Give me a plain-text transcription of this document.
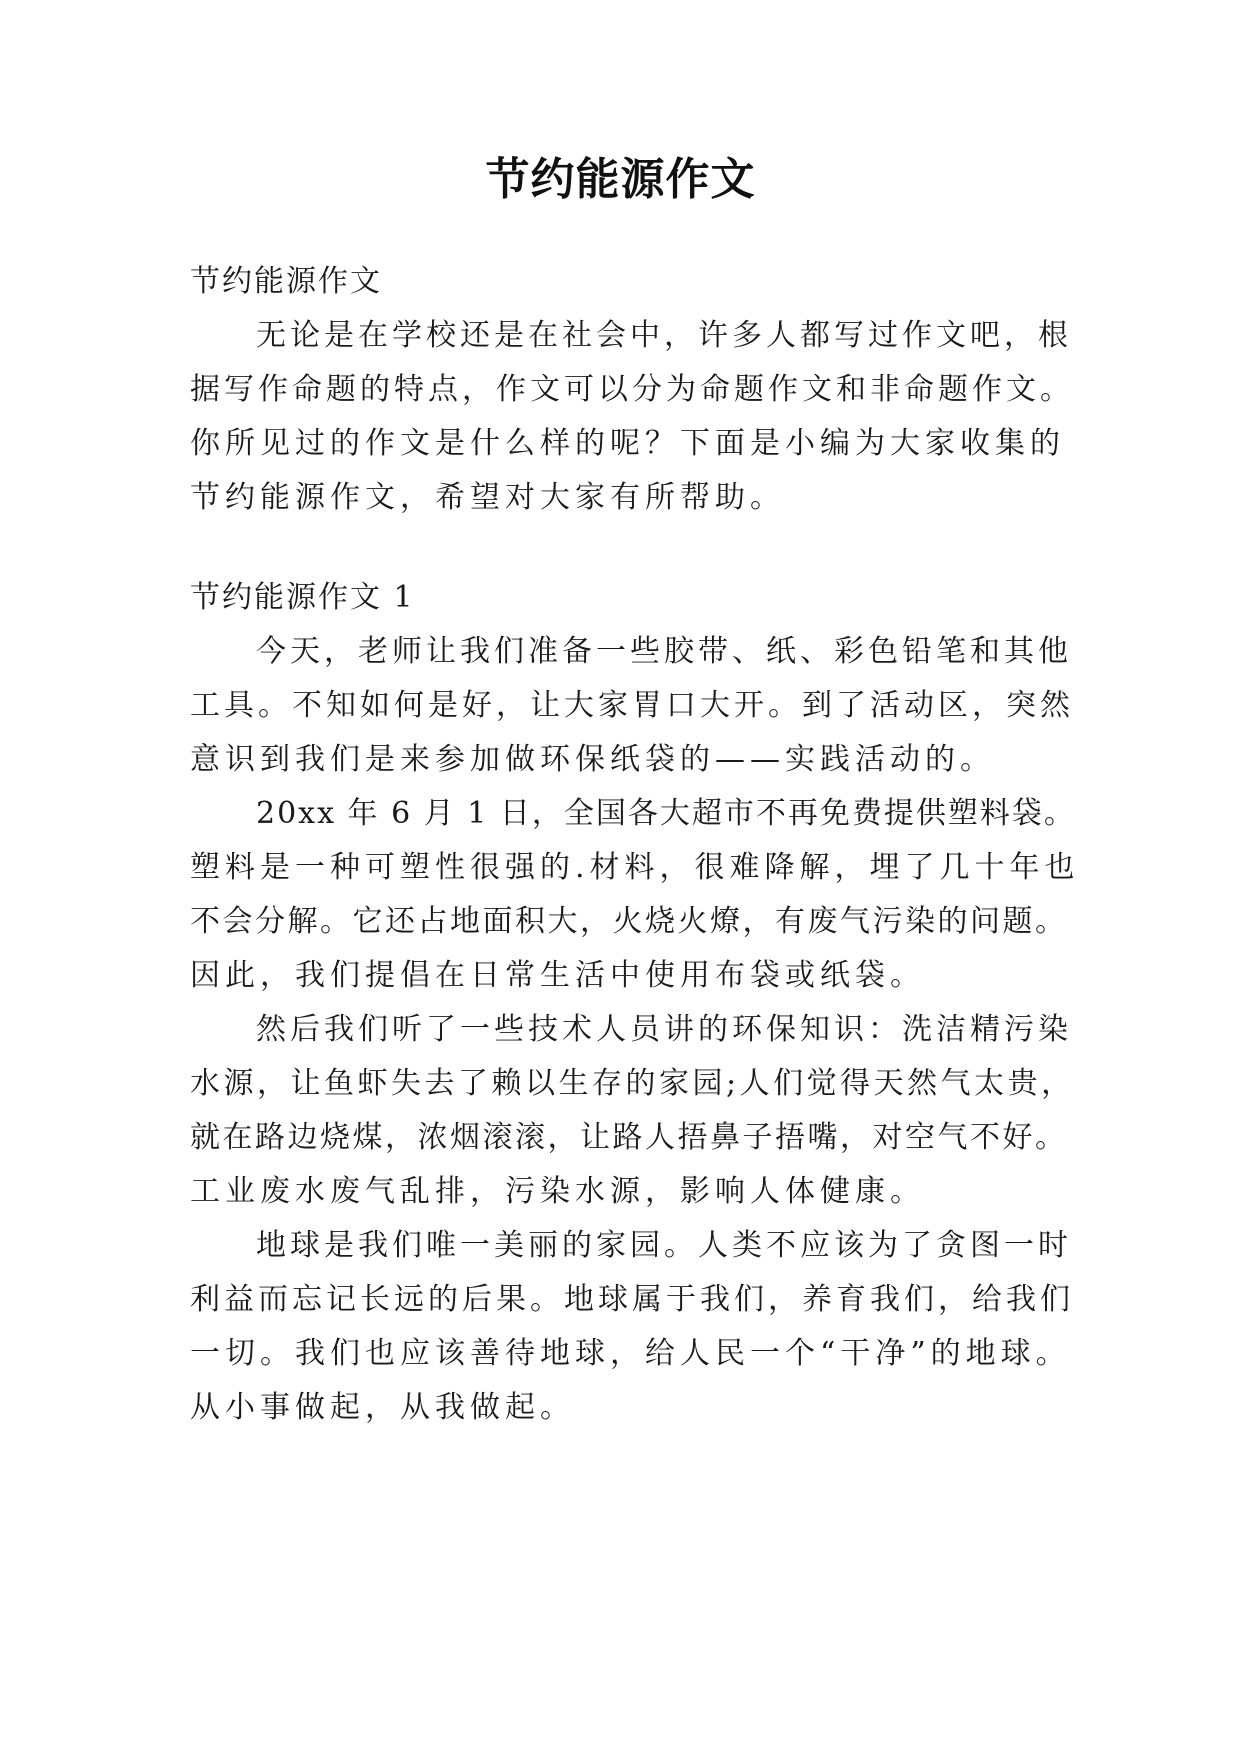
节约能源作文

节约能源作文

无论是在学校还是在社会中，许多人都写过作文吧，根

据写作命题的特点，作文可以分为命题作文和非命题作文。

你所见过的作文是什么样的呢？下面是小编为大家收集的

节约能源作文，希望对大家有所帮助。

节约能源作文 1

今天，老师让我们准备一些胶带、纸、彩色铅笔和其他

工具。不知如何是好，让大家胃口大开。到了活动区，突然

意识到我们是来参加做环保纸袋的——实践活动的。

20xx 年 6 月 1 日，全国各大超市不再免费提供塑料袋。

塑料是一种可塑性很强的.材料，很难降解，埋了几十年也

不会分解。它还占地面积大，火烧火燎，有废气污染的问题。

因此，我们提倡在日常生活中使用布袋或纸袋。

然后我们听了一些技术人员讲的环保知识：洗洁精污染

水源，让鱼虾失去了赖以生存的家园;人们觉得天然气太贵，

就在路边烧煤，浓烟滚滚，让路人捂鼻子捂嘴，对空气不好。

工业废水废气乱排，污染水源，影响人体健康。

地球是我们唯一美丽的家园。人类不应该为了贪图一时

利益而忘记长远的后果。地球属于我们，养育我们，给我们

一切。我们也应该善待地球，给人民一个“干净”的地球。

从小事做起，从我做起。
